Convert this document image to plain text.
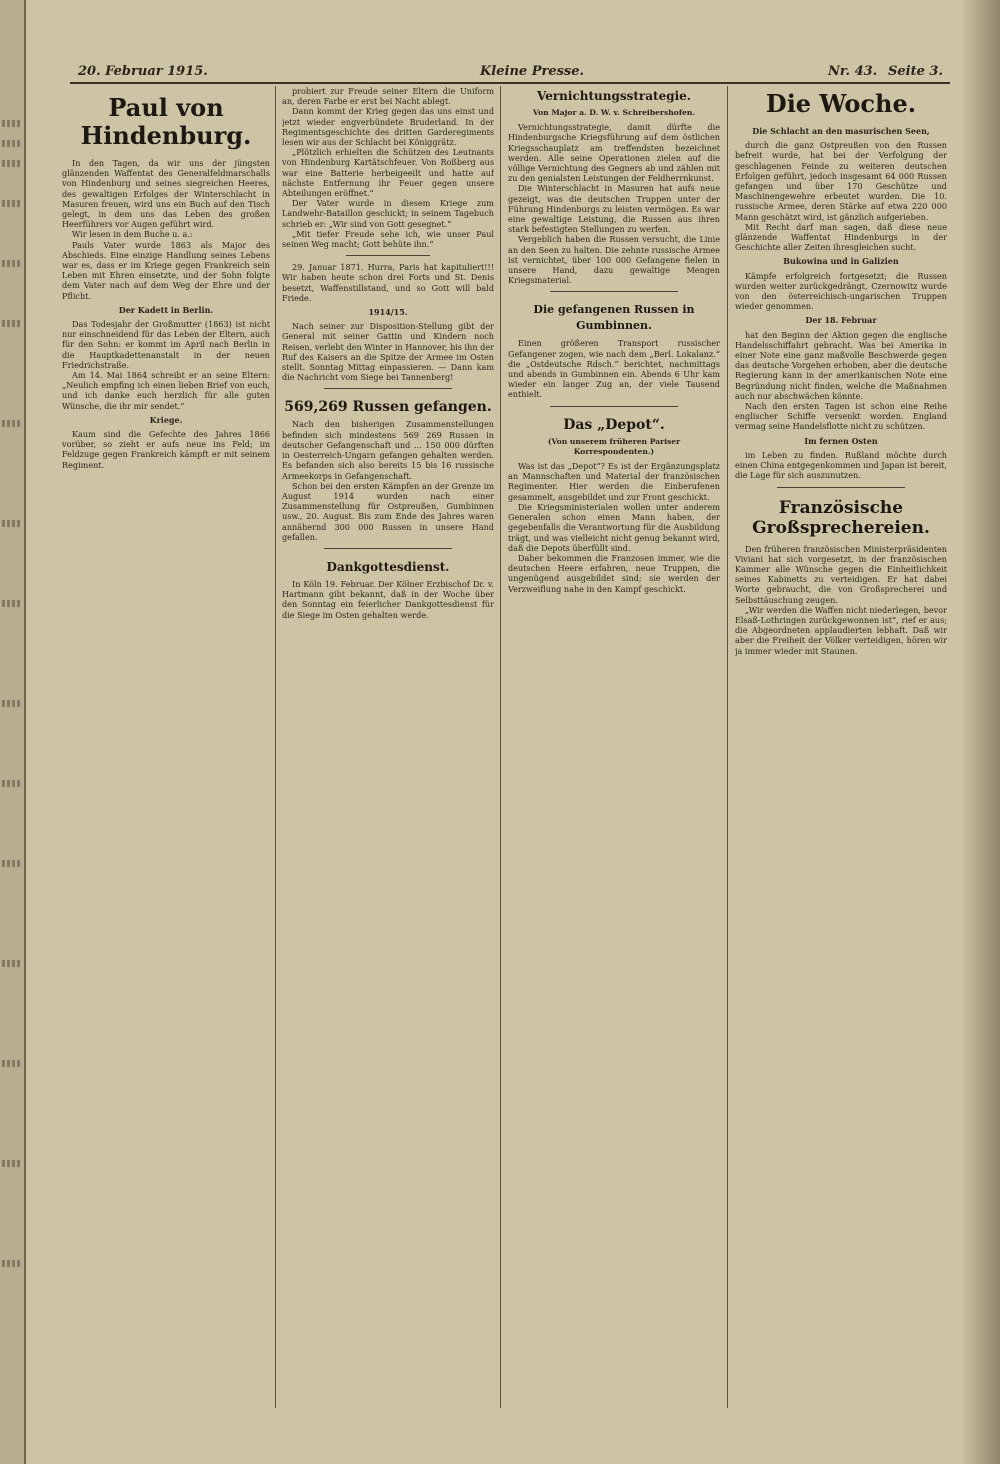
20. Februar 1915.	Kleine Presse.	Nr. 43. Seite 3.
Paul von Hindenburg.

In den Tagen, da wir uns der jüngsten glänzenden Waffentat des Generalfeldmarschalls von Hindenburg und seines siegreichen Heeres, des gewaltigen Erfolges der Winterschlacht in Masuren freuen, wird uns ein Buch auf den Tisch gelegt, in dem uns das Leben des großen Heerführers vor Augen geführt wird.

Wir lesen in dem Buche u. a.:

Pauls Vater wurde 1863 als Major des Abschieds. Eine einzige Handlung seines Lebens war es, dass er im Kriege gegen Frankreich sein Leben mit Ehren einsetzte, und der Sohn folgte dem Vater nach auf dem Weg der Ehre und der Pflicht.

Der Kadett in Berlin.

Das Todesjahr der Großmutter (1863) ist nicht nur einschneidend für das Leben der Eltern, auch für den Sohn: er kommt im April nach Berlin in die Hauptkadettenanstalt in der neuen Friedrichstraße.

Am 14. Mai 1864 schreibt er an seine Eltern: „Neulich empfing ich einen lieben Brief von euch, und ich danke euch herzlich für alle guten Wünsche, die ihr mir sendet.“

Kriege.

Kaum sind die Gefechte des Jahres 1866 vorüber, so zieht er aufs neue ins Feld; im Feldzuge gegen Frankreich kämpft er mit seinem Regiment.

probiert zur Freude seiner Eltern die Uniform an, deren Farbe er erst bei Nacht ablegt.

Dann kommt der Krieg gegen das uns einst und jetzt wieder engverbündete Bruderland. In der Regimentsgeschichte des dritten Garderegiments lesen wir aus der Schlacht bei Königgrätz.

„Plötzlich erhielten die Schützen des Leutnants von Hindenburg Kartätschfeuer. Von Roßberg aus war eine Batterie herbeigeeilt und hatte auf nächste Entfernung ihr Feuer gegen unsere Abteilungen eröffnet.“

Der Vater wurde in diesem Kriege zum Landwehr-Bataillon geschickt; in seinem Tagebuch schrieb er: „Wir sind von Gott gesegnet.“

„Mit tiefer Freude sehe ich, wie unser Paul seinen Weg macht; Gott behüte ihn.“

29. Januar 1871. Hurra, Paris hat kapituliert!!! Wir haben heute schon drei Forts und St. Denis besetzt, Waffenstillstand, und so Gott will bald Friede.

1914/15.

Nach seiner zur Disposition-Stellung gibt der General mit seiner Gattin und Kindern noch Reisen, verlebt den Winter in Hannover, bis ihn der Ruf des Kaisers an die Spitze der Armee im Osten stellt. Sonntag Mittag einpassieren. — Dann kam die Nachricht vom Siege bei Tannenberg!

569,269 Russen gefangen.

Nach den bisherigen Zusammenstellungen befinden sich mindestens 569 269 Russen in deutscher Gefangenschaft und ... 150 000 dürften in Oesterreich-Ungarn gefangen gehalten werden. Es befanden sich also bereits 15 bis 16 russische Armeekorps in Gefangenschaft.

Schon bei den ersten Kämpfen an der Grenze im August 1914 wurden nach einer Zusammenstellung für Ostpreußen, Gumbinnen usw., 20. August. Bis zum Ende des Jahres waren annähernd 300 000 Russen in unsere Hand gefallen.

Dankgottesdienst.

In Köln 19. Februar. Der Kölner Erzbischof Dr. v. Hartmann gibt bekannt, daß in der Woche über den Sonntag ein feierlicher Dankgottesdienst für die Siege im Osten gehalten werde.

Vernichtungsstrategie.
Von Major a. D. W. v. Schreibershofen.

Vernichtungsstrategie, damit dürfte die Hindenburgsche Kriegsführung auf dem östlichen Kriegsschauplatz am treffendsten bezeichnet werden. Alle seine Operationen zielen auf die völlige Vernichtung des Gegners ab und zählen mit zu den genialsten Leistungen der Feldherrnkunst.

Die Winterschlacht in Masuren hat aufs neue gezeigt, was die deutschen Truppen unter der Führung Hindenburgs zu leisten vermögen. Es war eine gewaltige Leistung, die Russen aus ihren stark befestigten Stellungen zu werfen.

Vergeblich haben die Russen versucht, die Linie an den Seen zu halten. Die zehnte russische Armee ist vernichtet, über 100 000 Gefangene fielen in unsere Hand, dazu gewaltige Mengen Kriegsmaterial.

Die gefangenen Russen in Gumbinnen.

Einen größeren Transport russischer Gefangener zogen, wie nach dem „Berl. Lokalanz.“ die „Ostdeutsche Rdsch.“ berichtet, nachmittags und abends in Gumbinnen ein. Abends 6 Uhr kam wieder ein langer Zug an, der viele Tausend enthielt.

Das „Depot“.
(Von unserem früheren Pariser Korrespondenten.)

Was ist das „Depot“? Es ist der Ergänzungsplatz an Mannschaften und Material der französischen Regimenter. Hier werden die Einberufenen gesammelt, ausgebildet und zur Front geschickt.

Die Kriegsministerialen wollen unter anderem Generalen schon einen Mann haben, der gegebenfalls die Verantwortung für die Ausbildung trägt, und was vielleicht nicht genug bekannt wird, daß die Depots überfüllt sind.

Daher bekommen die Franzosen immer, wie die deutschen Heere erfahren, neue Truppen, die ungenügend ausgebildet sind; sie werden der Verzweiflung nahe in den Kampf geschickt.

Die Woche.
Die Schlacht an den masurischen Seen,

durch die ganz Ostpreußen von den Russen befreit wurde, hat bei der Verfolgung der geschlagenen Feinde zu weiteren deutschen Erfolgen geführt, jedoch insgesamt 64 000 Russen gefangen und über 170 Geschütze und Maschinengewehre erbeutet wurden. Die 10. russische Armee, deren Stärke auf etwa 220 000 Mann geschätzt wird, ist gänzlich aufgerieben.

Mit Recht darf man sagen, daß diese neue glänzende Waffentat Hindenburgs in der Geschichte aller Zeiten ihresgleichen sucht.

Bukowina und in Galizien

Kämpfe erfolgreich fortgesetzt; die Russen wurden weiter zurückgedrängt, Czernowitz wurde von den österreichisch-ungarischen Truppen wieder genommen.

Der 18. Februar

hat den Beginn der Aktion gegen die englische Handelsschiffahrt gebracht. Was bei Amerika in einer Note eine ganz maßvolle Beschwerde gegen das deutsche Vorgehen erhoben, aber die deutsche Regierung kann in der amerikanischen Note eine Begründung nicht finden, welche die Maßnahmen auch nur abschwächen könnte.

Nach den ersten Tagen ist schon eine Reihe englischer Schiffe versenkt worden. England vermag seine Handelsflotte nicht zu schützen.

Im fernen Osten

im Leben zu finden. Rußland möchte durch einen China entgegenkommen und Japan ist bereit, die Lage für sich auszunutzen.

Französische Großsprechereien.

Den früheren französischen Ministerpräsidenten Viviani hat sich vorgesetzt, in der französischen Kammer alle Wünsche gegen die Einheitlichkeit seines Kabinetts zu verteidigen. Er hat dabei Worte gebraucht, die von Großsprecherei und Selbsttäuschung zeugen.

„Wir werden die Waffen nicht niederlegen, bevor Elsaß-Lothringen zurückgewonnen ist“, rief er aus; die Abgeordneten applaudierten lebhaft. Daß wir aber die Freiheit der Völker verteidigen, hören wir ja immer wieder mit Staunen.
